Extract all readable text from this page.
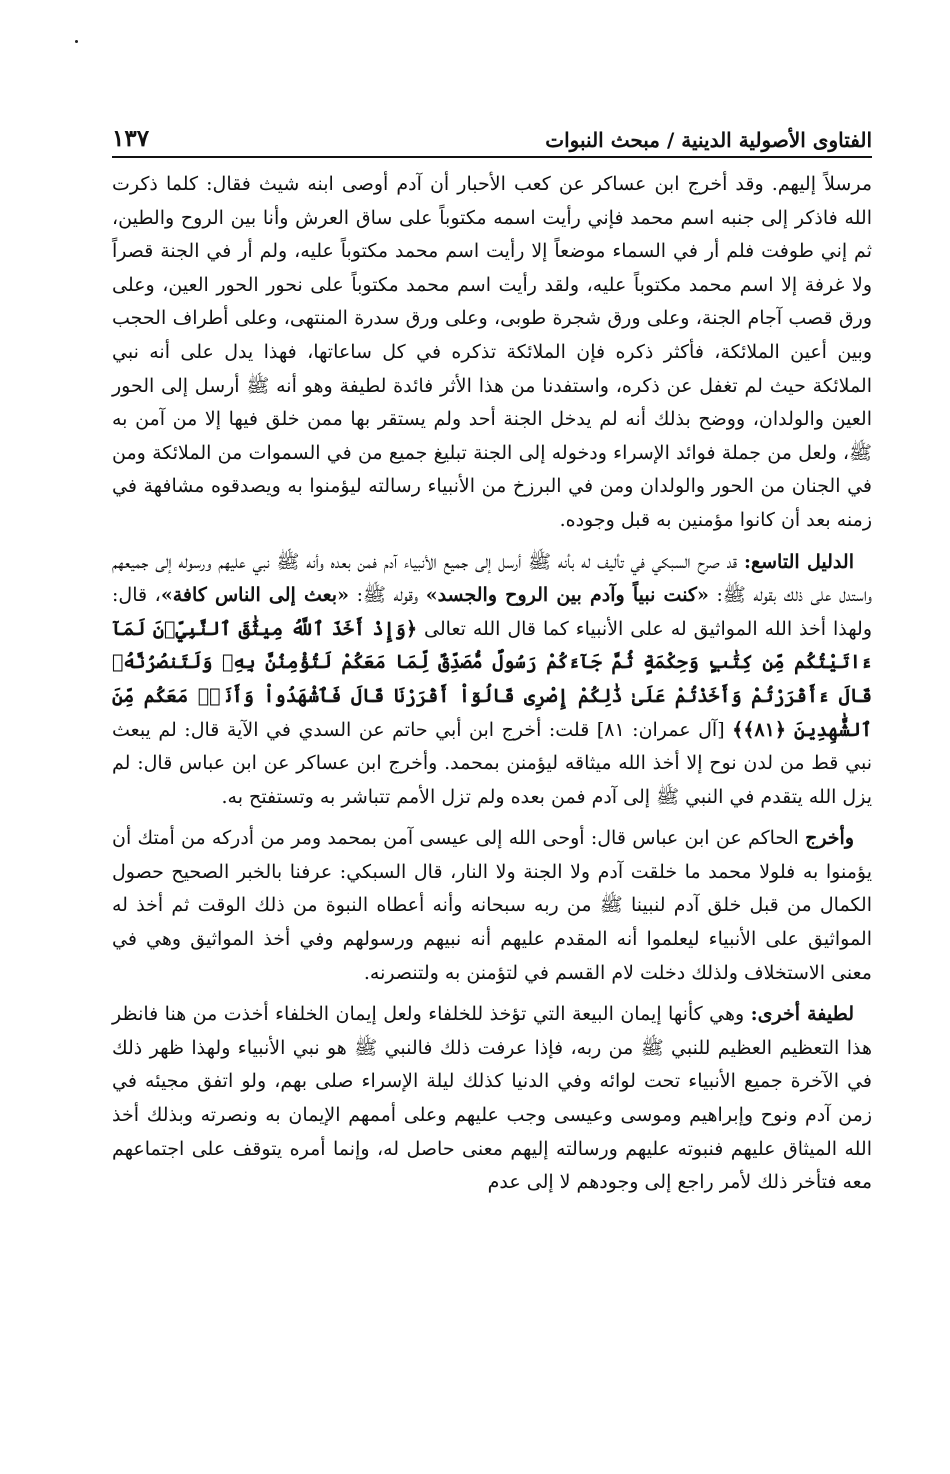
الفتاوى الأصولية الدينية / مبحث النبوات
١٣٧

مرسلاً إليهم. وقد أخرج ابن عساكر عن كعب الأحبار أن آدم أوصى ابنه شيث فقال: كلما ذكرت الله فاذكر إلى جنبه اسم محمد فإني رأيت اسمه مكتوباً على ساق العرش وأنا بين الروح والطين، ثم إني طوفت فلم أر في السماء موضعاً إلا رأيت اسم محمد مكتوباً عليه، ولم أر في الجنة قصراً ولا غرفة إلا اسم محمد مكتوباً عليه، ولقد رأيت اسم محمد مكتوباً على نحور الحور العين، وعلى ورق قصب آجام الجنة، وعلى ورق شجرة طوبى، وعلى ورق سدرة المنتهى، وعلى أطراف الحجب وبين أعين الملائكة، فأكثر ذكره فإن الملائكة تذكره في كل ساعاتها، فهذا يدل على أنه نبي الملائكة حيث لم تغفل عن ذكره، واستفدنا من هذا الأثر فائدة لطيفة وهو أنه ﷺ أرسل إلى الحور العين والولدان، ووضح بذلك أنه لم يدخل الجنة أحد ولم يستقر بها ممن خلق فيها إلا من آمن به ﷺ، ولعل من جملة فوائد الإسراء ودخوله إلى الجنة تبليغ جميع من في السموات من الملائكة ومن في الجنان من الحور والولدان ومن في البرزخ من الأنبياء رسالته ليؤمنوا به ويصدقوه مشافهة في زمنه بعد أن كانوا مؤمنين به قبل وجوده.

الدليل التاسع: قد صرح السبكي في تأليف له بأنه ﷺ أرسل إلى جميع الأنبياء آدم فمن بعده وأنه ﷺ نبي عليهم ورسوله إلى جميعهم واستدل على ذلك بقوله ﷺ: «كنت نبياً وآدم بين الروح والجسد» وقوله ﷺ: «بعث إلى الناس كافة»، قال: ولهذا أخذ الله المواثيق له على الأنبياء كما قال الله تعالى ﴿وَإِذْ أَخَذَ ٱللَّهُ مِيثَٰقَ ٱلنَّبِيِّۦنَ لَمَآ ءَاتَيْتُكُم مِّن كِتَٰبٍ وَحِكْمَةٍ ثُمَّ جَآءَكُمْ رَسُولٌ مُّصَدِّقٌ لِّمَا مَعَكُمْ لَتُؤْمِنُنَّ بِهِۦ وَلَتَنصُرُنَّهُۥ قَالَ ءَأَقْرَرْتُمْ وَأَخَذْتُمْ عَلَىٰ ذَٰلِكُمْ إِصْرِى قَالُوٓاْ أَقْرَرْنَا قَالَ فَٱشْهَدُواْ وَأَنَا۠ مَعَكُم مِّنَ ٱلشَّٰهِدِينَ ﴿٨١﴾﴾ [آل عمران: ٨١] قلت: أخرج ابن أبي حاتم عن السدي في الآية قال: لم يبعث نبي قط من لدن نوح إلا أخذ الله ميثاقه ليؤمنن بمحمد. وأخرج ابن عساكر عن ابن عباس قال: لم يزل الله يتقدم في النبي ﷺ إلى آدم فمن بعده ولم تزل الأمم تتباشر به وتستفتح به.

وأخرج الحاكم عن ابن عباس قال: أوحى الله إلى عيسى آمن بمحمد ومر من أدركه من أمتك أن يؤمنوا به فلولا محمد ما خلقت آدم ولا الجنة ولا النار، قال السبكي: عرفنا بالخبر الصحيح حصول الكمال من قبل خلق آدم لنبينا ﷺ من ربه سبحانه وأنه أعطاه النبوة من ذلك الوقت ثم أخذ له المواثيق على الأنبياء ليعلموا أنه المقدم عليهم أنه نبيهم ورسولهم وفي أخذ المواثيق وهي في معنى الاستخلاف ولذلك دخلت لام القسم في لتؤمنن به ولتنصرنه.

لطيفة أخرى: وهي كأنها إيمان البيعة التي تؤخذ للخلفاء ولعل إيمان الخلفاء أخذت من هنا فانظر هذا التعظيم العظيم للنبي ﷺ من ربه، فإذا عرفت ذلك فالنبي ﷺ هو نبي الأنبياء ولهذا ظهر ذلك في الآخرة جميع الأنبياء تحت لوائه وفي الدنيا كذلك ليلة الإسراء صلى بهم، ولو اتفق مجيئه في زمن آدم ونوح وإبراهيم وموسى وعيسى وجب عليهم وعلى أممهم الإيمان به ونصرته وبذلك أخذ الله الميثاق عليهم فنبوته عليهم ورسالته إليهم معنى حاصل له، وإنما أمره يتوقف على اجتماعهم معه فتأخر ذلك لأمر راجع إلى وجودهم لا إلى عدم
